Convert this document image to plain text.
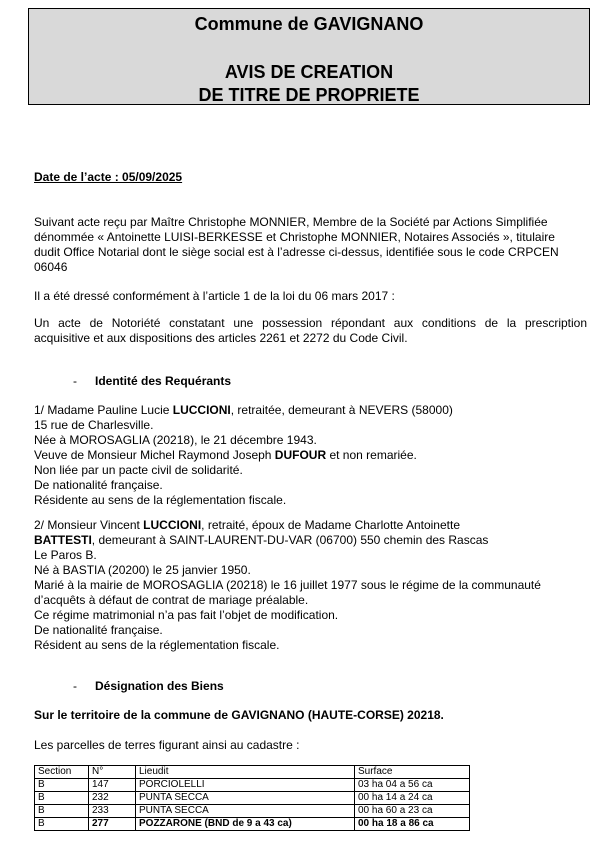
Commune de GAVIGNANO
AVIS DE CREATION
DE TITRE DE PROPRIETE
Date de l’acte : 05/09/2025
Suivant acte reçu par Maître Christophe MONNIER, Membre de la Société par Actions Simplifiée
dénommée « Antoinette LUISI-BERKESSE et Christophe MONNIER, Notaires Associés », titulaire
dudit Office Notarial dont le siège social est à l’adresse ci-dessus, identifiée sous le code CRPCEN
06046
Il a été dressé conformément à l’article 1 de la loi du 06 mars 2017 :
Un acte de Notoriété constatant une possession répondant aux conditions de la prescription
acquisitive et aux dispositions des articles 2261 et 2272 du Code Civil.
- Identité des Requérants
1/ Madame Pauline Lucie LUCCIONI, retraitée, demeurant à NEVERS (58000)
15 rue de Charlesville.
Née à MOROSAGLIA (20218), le 21 décembre 1943.
Veuve de Monsieur Michel Raymond Joseph DUFOUR et non remariée.
Non liée par un pacte civil de solidarité.
De nationalité française.
Résidente au sens de la réglementation fiscale.
2/ Monsieur Vincent LUCCIONI, retraité, époux de Madame Charlotte Antoinette
BATTESTI, demeurant à SAINT-LAURENT-DU-VAR (06700) 550 chemin des Rascas
Le Paros B.
Né à BASTIA (20200) le 25 janvier 1950.
Marié à la mairie de MOROSAGLIA (20218) le 16 juillet 1977 sous le régime de la communauté
d’acquêts à défaut de contrat de mariage préalable.
Ce régime matrimonial n’a pas fait l’objet de modification.
De nationalité française.
Résident au sens de la réglementation fiscale.
- Désignation des Biens
Sur le territoire de la commune de GAVIGNANO (HAUTE-CORSE) 20218.
Les parcelles de terres figurant ainsi au cadastre :
Section	N°	Lieudit	Surface
B	147	PORCIOLELLI	03 ha 04 a 56 ca
B	232	PUNTA SECCA	00 ha 14 a 24 ca
B	233	PUNTA SECCA	00 ha 60 a 23 ca
B	277	POZZARONE (BND de 9 a 43 ca)	00 ha 18 a 86 ca
